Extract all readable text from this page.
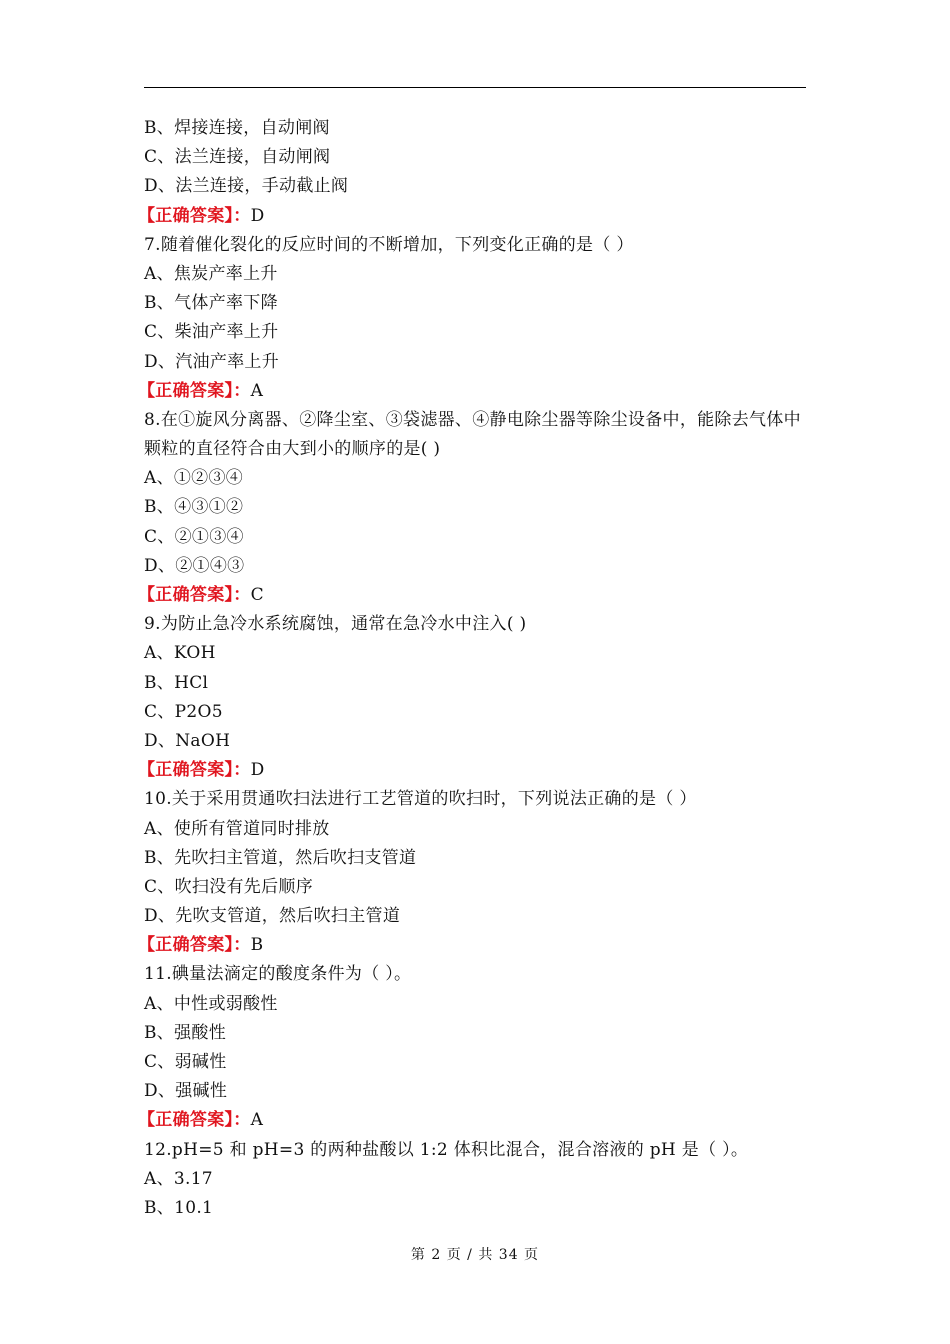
B、焊接连接，自动闸阀
C、法兰连接，自动闸阀
D、法兰连接，手动截止阀
【正确答案】：D
7.随着催化裂化的反应时间的不断增加，下列变化正确的是（ ）
A、焦炭产率上升
B、气体产率下降
C、柴油产率上升
D、汽油产率上升
【正确答案】：A
8.在①旋风分离器、②降尘室、③袋滤器、④静电除尘器等除尘设备中，能除去气体中颗粒的直径符合由大到小的顺序的是( )
A、①②③④
B、④③①②
C、②①③④
D、②①④③
【正确答案】：C
9.为防止急冷水系统腐蚀，通常在急冷水中注入( )
A、KOH
B、HCl
C、P2O5
D、NaOH
【正确答案】：D
10.关于采用贯通吹扫法进行工艺管道的吹扫时，下列说法正确的是（ ）
A、使所有管道同时排放
B、先吹扫主管道，然后吹扫支管道
C、吹扫没有先后顺序
D、先吹支管道，然后吹扫主管道
【正确答案】：B
11.碘量法滴定的酸度条件为（ ）。
A、中性或弱酸性
B、强酸性
C、弱碱性
D、强碱性
【正确答案】：A
12.pH=5 和 pH=3 的两种盐酸以 1:2 体积比混合，混合溶液的 pH 是（ ）。
A、3.17
B、10.1
第 2 页 / 共 34 页
